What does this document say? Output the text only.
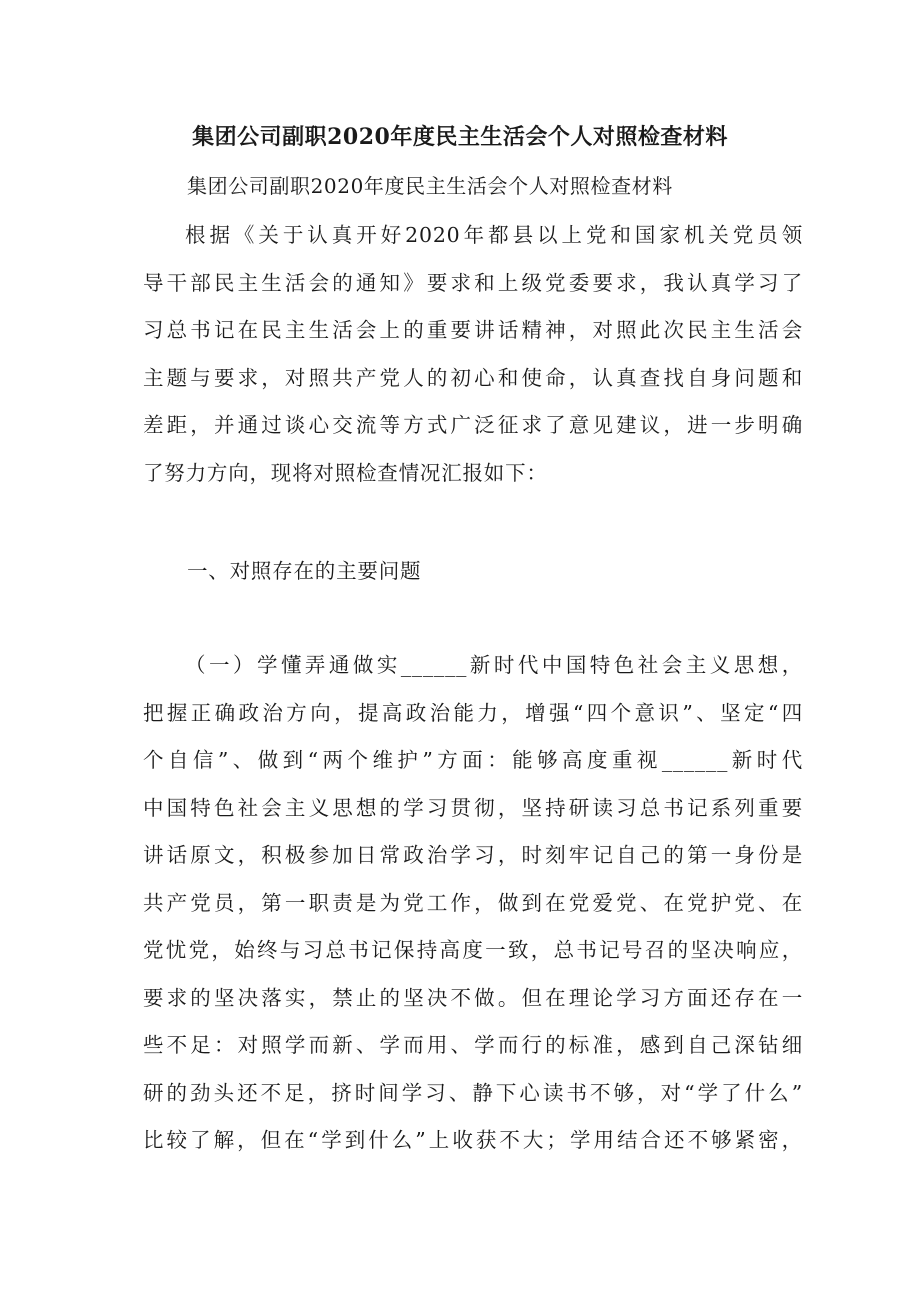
集团公司副职2020年度民主生活会个人对照检查材料

集团公司副职2020年度民主生活会个人对照检查材料

根据《关于认真开好2020年都县以上党和国家机关党员领
导干部民主生活会的通知》要求和上级党委要求，我认真学习了
习总书记在民主生活会上的重要讲话精神，对照此次民主生活会
主题与要求，对照共产党人的初心和使命，认真查找自身问题和
差距，并通过谈心交流等方式广泛征求了意见建议，进一步明确
了努力方向，现将对照检查情况汇报如下：

一、对照存在的主要问题

（一）学懂弄通做实______新时代中国特色社会主义思想，
把握正确政治方向，提高政治能力，增强“四个意识”、坚定“四
个自信”、做到“两个维护”方面：能够高度重视______新时代
中国特色社会主义思想的学习贯彻，坚持研读习总书记系列重要
讲话原文，积极参加日常政治学习，时刻牢记自己的第一身份是
共产党员，第一职责是为党工作，做到在党爱党、在党护党、在
党忧党，始终与习总书记保持高度一致，总书记号召的坚决响应，
要求的坚决落实，禁止的坚决不做。但在理论学习方面还存在一
些不足：对照学而新、学而用、学而行的标准，感到自己深钻细
研的劲头还不足，挤时间学习、静下心读书不够，对“学了什么”
比较了解，但在“学到什么”上收获不大；学用结合还不够紧密，
